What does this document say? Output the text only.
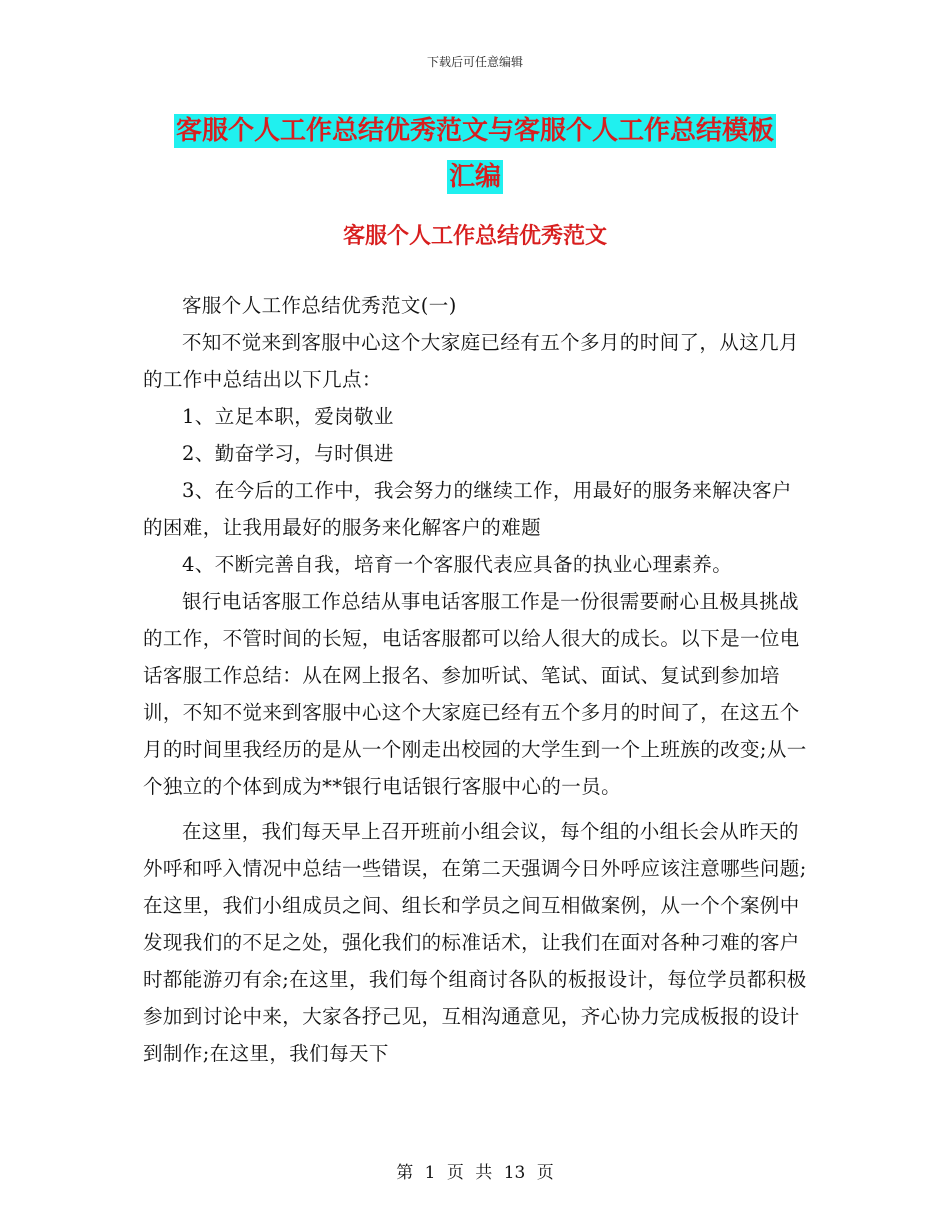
下载后可任意编辑
客服个人工作总结优秀范文与客服个人工作总结模板
汇编
客服个人工作总结优秀范文

客服个人工作总结优秀范文(一)

不知不觉来到客服中心这个大家庭已经有五个多月的时间了，从这几月的工作中总结出以下几点：

1、立足本职，爱岗敬业

2、勤奋学习，与时俱进

3、在今后的工作中，我会努力的继续工作，用最好的服务来解决客户的困难，让我用最好的服务来化解客户的难题

4、不断完善自我，培育一个客服代表应具备的执业心理素养。

银行电话客服工作总结从事电话客服工作是一份很需要耐心且极具挑战的工作，不管时间的长短，电话客服都可以给人很大的成长。以下是一位电话客服工作总结：从在网上报名、参加听试、笔试、面试、复试到参加培训，不知不觉来到客服中心这个大家庭已经有五个多月的时间了，在这五个月的时间里我经历的是从一个刚走出校园的大学生到一个上班族的改变;从一个独立的个体到成为**银行电话银行客服中心的一员。

在这里，我们每天早上召开班前小组会议，每个组的小组长会从昨天的外呼和呼入情况中总结一些错误，在第二天强调今日外呼应该注意哪些问题;在这里，我们小组成员之间、组长和学员之间互相做案例，从一个个案例中发现我们的不足之处，强化我们的标准话术，让我们在面对各种刁难的客户时都能游刃有余;在这里，我们每个组商讨各队的板报设计，每位学员都积极参加到讨论中来，大家各抒己见，互相沟通意见，齐心协力完成板报的设计到制作;在这里，我们每天下

第 1 页 共 13 页
